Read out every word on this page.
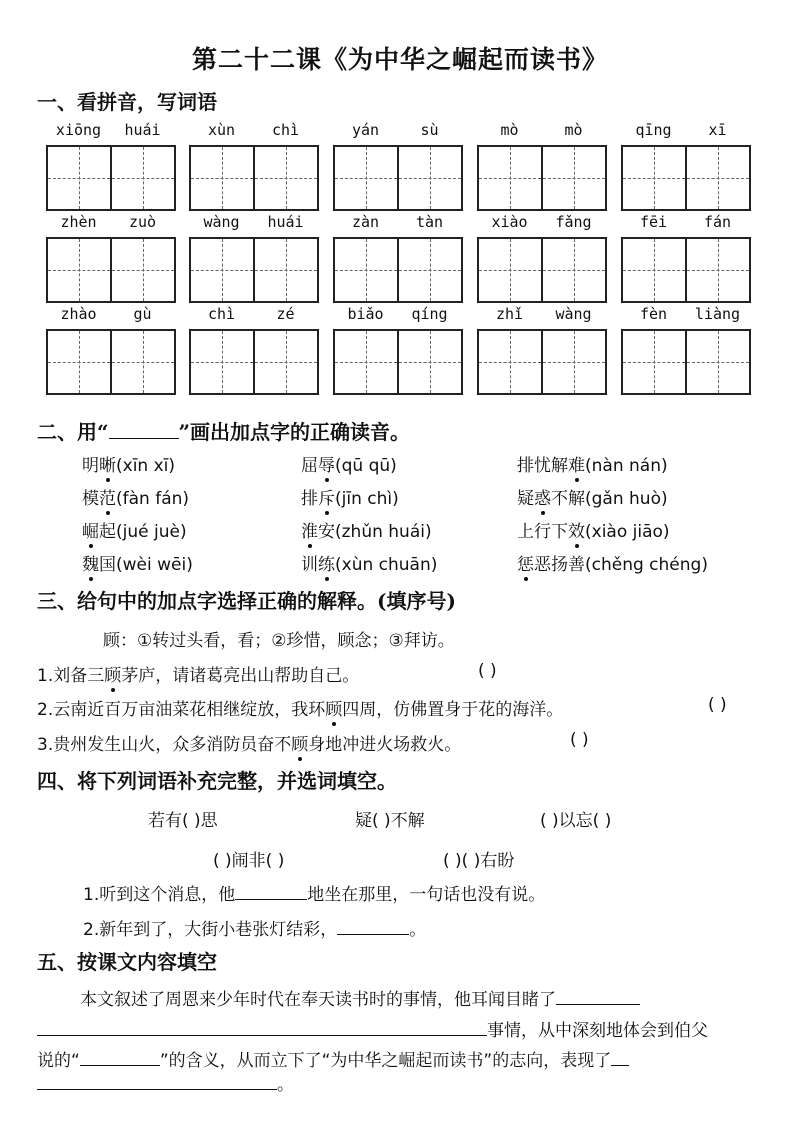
第二十二课《为中华之崛起而读书》
一、看拼音，写词语
xiōng	huái	xùn	chì	yán	sù	mò	mò	qīng	xī
zhèn	zuò	wàng	huái	zàn	tàn	xiào	fǎng	fēi	fán
zhào	gù	chì	zé	biǎo	qíng	zhǐ	wàng	fèn	liàng
二、用“	”画出加点字的正确读音。
明晰(xīn xī)	屈辱(qū qū)	排忧解难(nàn nán)
模范(fàn fán)	排斥(jīn chì)	疑惑不解(gǎn huò)
崛起(jué juè)	淮安(zhǔn huái)	上行下效(xiào jiāo)
魏国(wèi wēi)	训练(xùn chuān)	惩恶扬善(chěng chéng)
三、给句中的加点字选择正确的解释。(填序号)
顾：①转过头看，看；②珍惜，顾念；③拜访。
1.刘备三顾茅庐，请诸葛亮出山帮助自己。	( )
2.云南近百万亩油菜花相继绽放，我环顾四周，仿佛置身于花的海洋。	( )
3.贵州发生山火，众多消防员奋不顾身地冲进火场救火。	( )
四、将下列词语补充完整，并选词填空。
若有( )思	疑( )不解	( )以忘( )
( )闹非( )	( )( )右盼
1.听到这个消息，他	地坐在那里，一句话也没有说。
2.新年到了，大街小巷张灯结彩，	。
五、按课文内容填空
本文叙述了周恩来少年时代在奉天读书时的事情，他耳闻目睹了
事情，从中深刻地体会到伯父
说的“	”的含义，从而立下了“为中华之崛起而读书”的志向，表现了
。
